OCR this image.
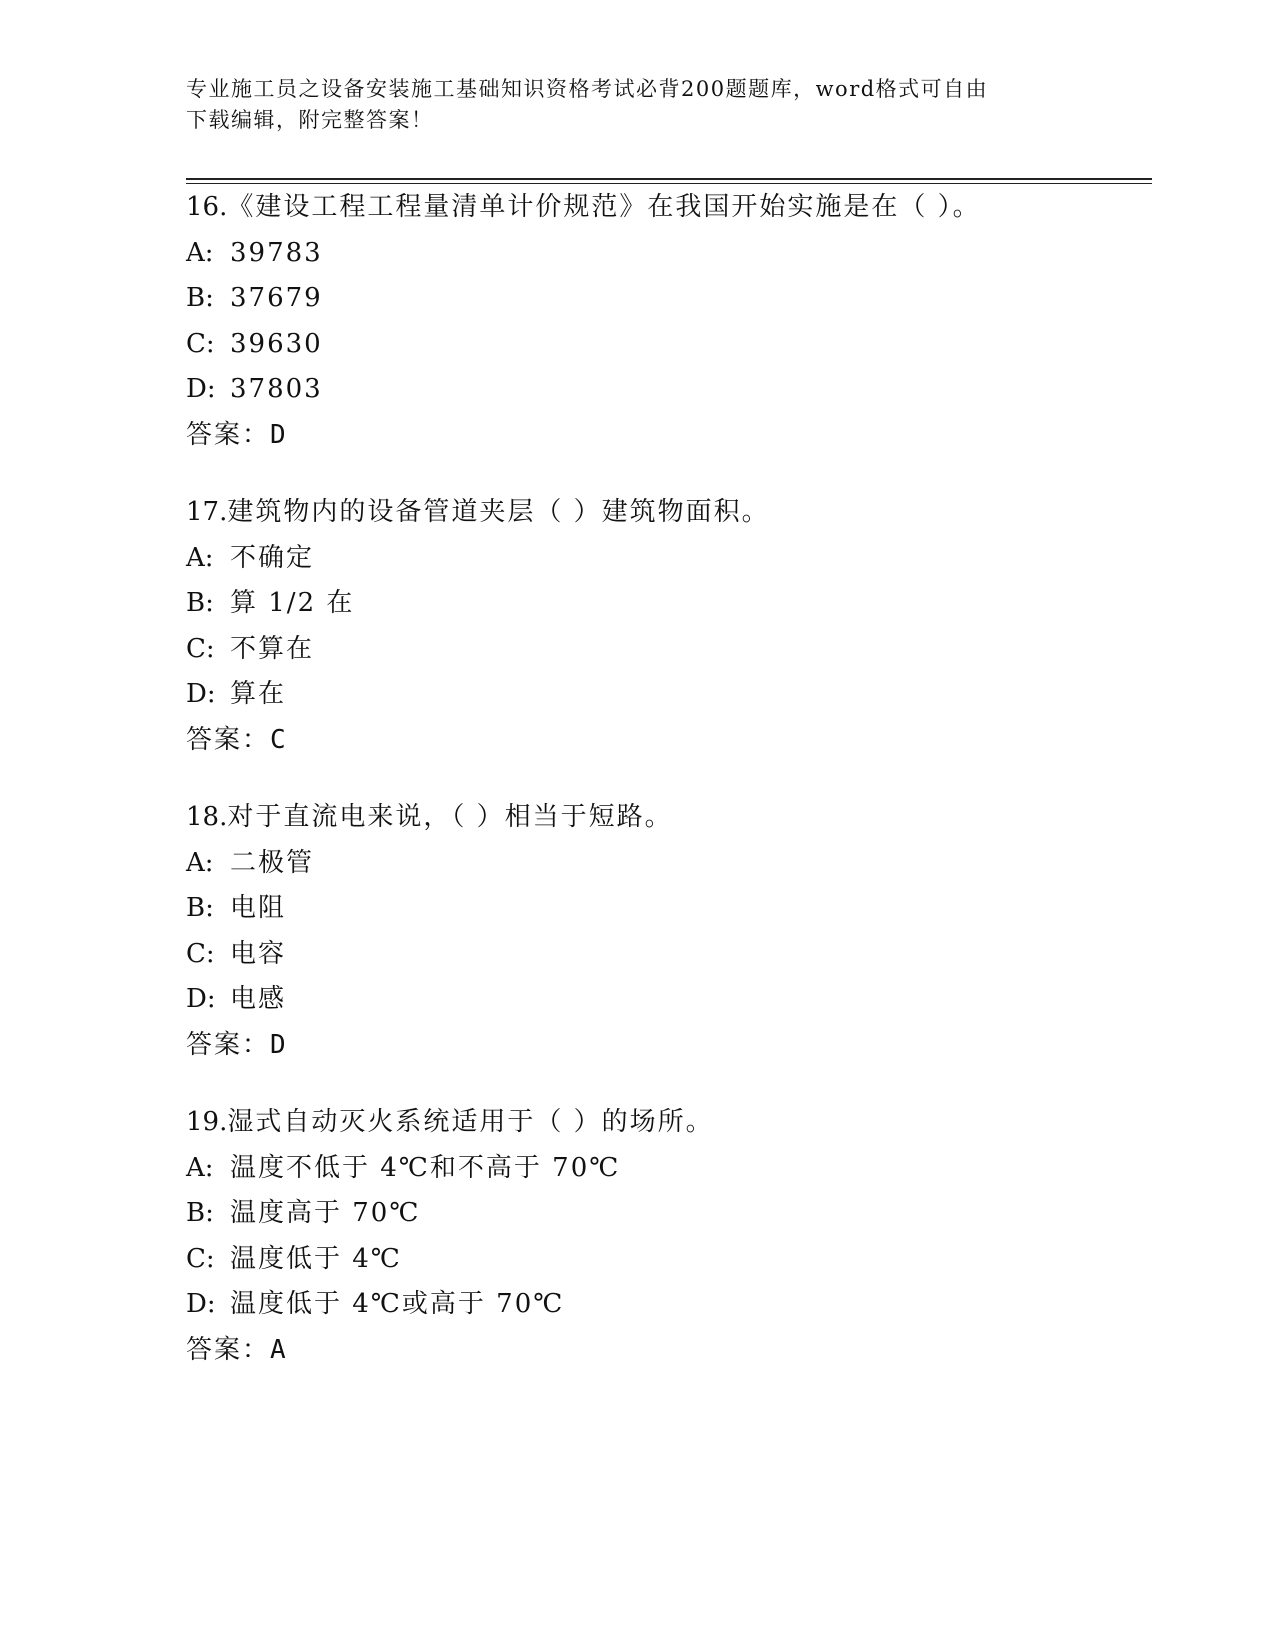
专业施工员之设备安装施工基础知识资格考试必背200题题库，word格式可自由
下载编辑，附完整答案！
16.《建设工程工程量清单计价规范》在我国开始实施是在（ ）。
A: 39783
B: 37679
C: 39630
D: 37803
答案：D
17.建筑物内的设备管道夹层（ ）建筑物面积。
A: 不确定
B: 算 1/2 在
C: 不算在
D: 算在
答案：C
18.对于直流电来说，（ ）相当于短路。
A: 二极管
B: 电阻
C: 电容
D: 电感
答案：D
19.湿式自动灭火系统适用于（ ）的场所。
A: 温度不低于 4℃和不高于 70℃
B: 温度高于 70℃
C: 温度低于 4℃
D: 温度低于 4℃或高于 70℃
答案：A
